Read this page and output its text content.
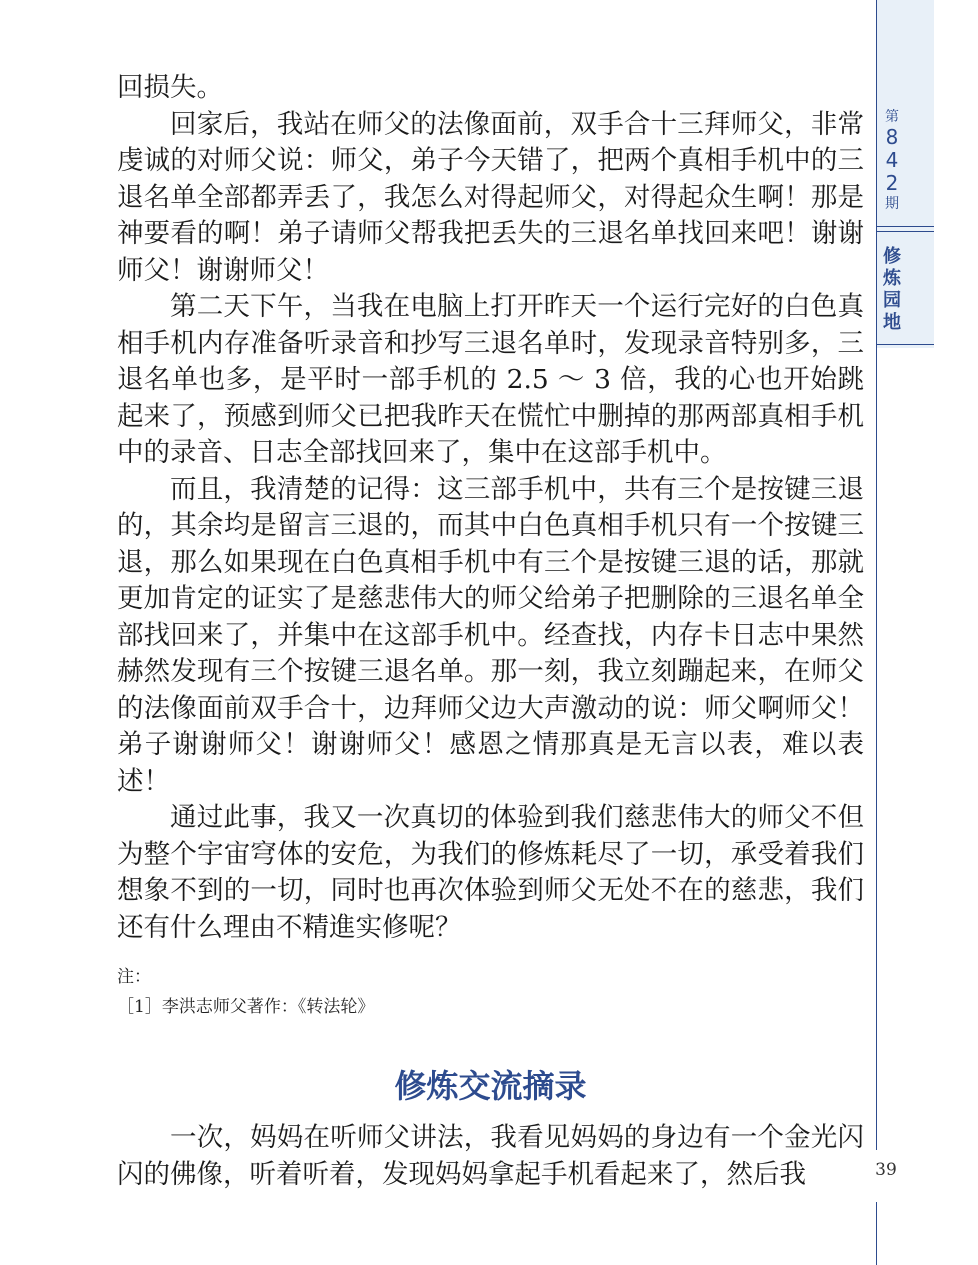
第
8
4
2
期
修
炼
园
地
39

回损失。

回家后，我站在师父的法像面前，双手合十三拜师父，非常虔诚的对师父说：师父，弟子今天错了，把两个真相手机中的三退名单全部都弄丢了，我怎么对得起师父，对得起众生啊！那是神要看的啊！弟子请师父帮我把丢失的三退名单找回来吧！谢谢师父！谢谢师父！

第二天下午，当我在电脑上打开昨天一个运行完好的白色真相手机内存准备听录音和抄写三退名单时，发现录音特别多，三退名单也多，是平时一部手机的 2.5 ～ 3 倍，我的心也开始跳起来了，预感到师父已把我昨天在慌忙中删掉的那两部真相手机中的录音、日志全部找回来了，集中在这部手机中。

而且，我清楚的记得：这三部手机中，共有三个是按键三退的，其余均是留言三退的，而其中白色真相手机只有一个按键三退，那么如果现在白色真相手机中有三个是按键三退的话，那就更加肯定的证实了是慈悲伟大的师父给弟子把删除的三退名单全部找回来了，并集中在这部手机中。经查找，内存卡日志中果然赫然发现有三个按键三退名单。那一刻，我立刻蹦起来，在师父的法像面前双手合十，边拜师父边大声激动的说：师父啊师父！弟子谢谢师父！谢谢师父！感恩之情那真是无言以表，难以表述！

通过此事，我又一次真切的体验到我们慈悲伟大的师父不但为整个宇宙穹体的安危，为我们的修炼耗尽了一切，承受着我们想象不到的一切，同时也再次体验到师父无处不在的慈悲，我们还有什么理由不精進实修呢？

注：

［1］李洪志师父著作：《转法轮》

修炼交流摘录

一次，妈妈在听师父讲法，我看见妈妈的身边有一个金光闪闪的佛像，听着听着，发现妈妈拿起手机看起来了，然后我
